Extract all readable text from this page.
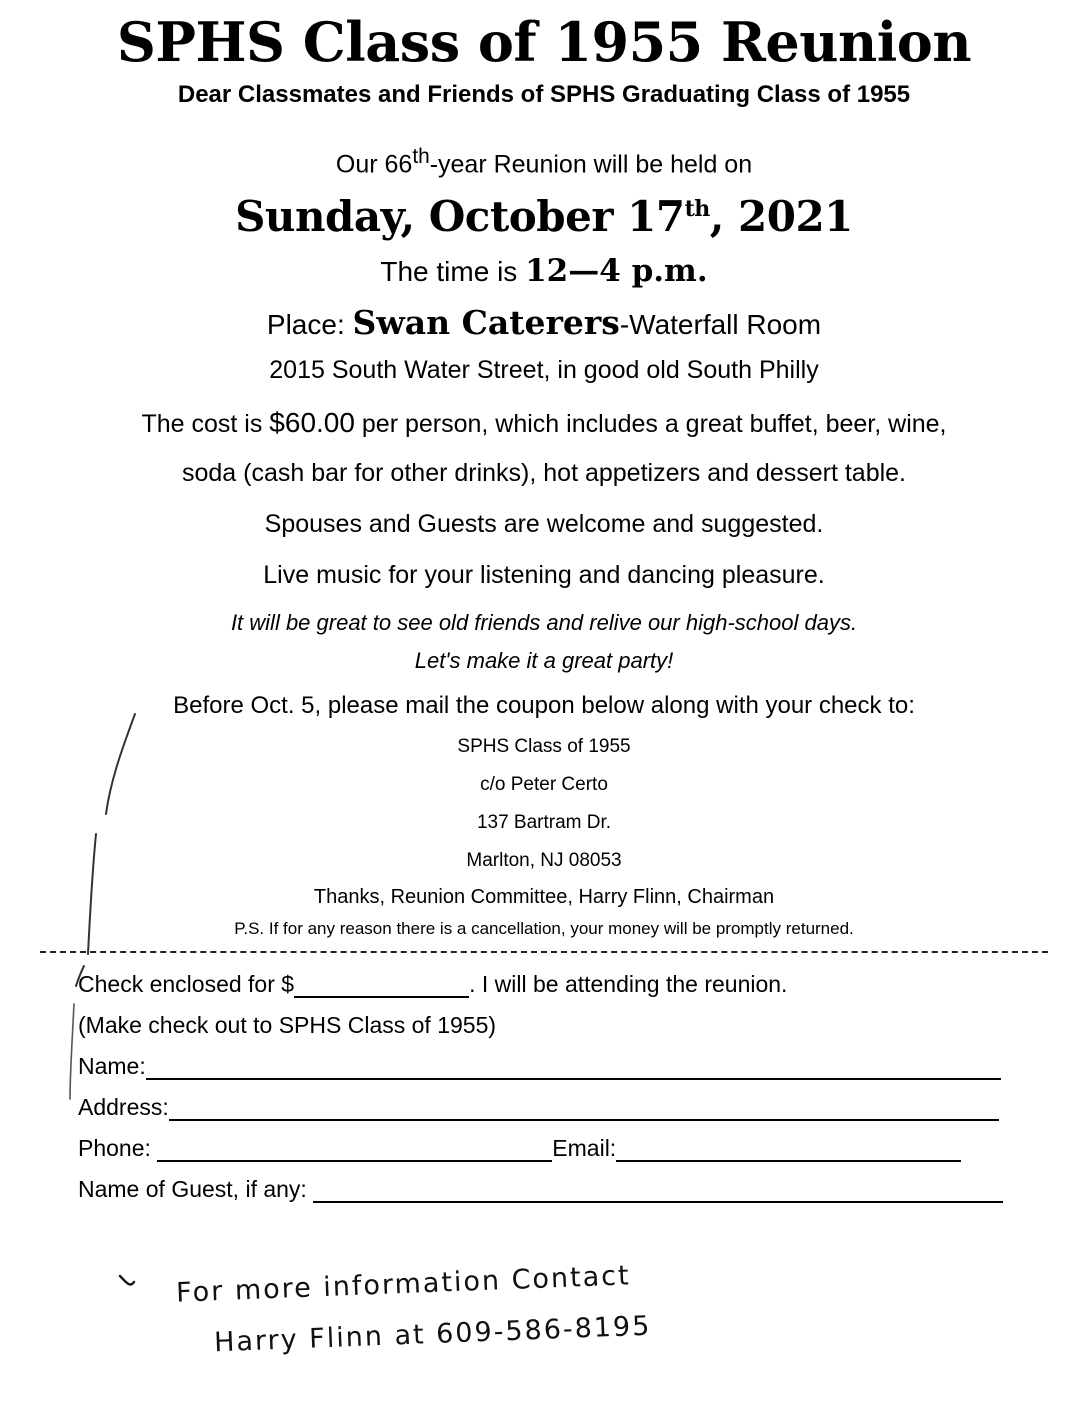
SPHS Class of 1955 Reunion
Dear Classmates and Friends of SPHS Graduating Class of 1955
Our 66th-year Reunion will be held on
Sunday, October 17th, 2021
The time is 12—4 p.m.
Place: Swan Caterers-Waterfall Room
2015 South Water Street, in good old South Philly
The cost is $60.00 per person, which includes a great buffet, beer, wine,
soda (cash bar for other drinks), hot appetizers and dessert table.
Spouses and Guests are welcome and suggested.
Live music for your listening and dancing pleasure.
It will be great to see old friends and relive our high-school days.
Let's make it a great party!
Before Oct. 5, please mail the coupon below along with your check to:
SPHS Class of 1955
c/o Peter Certo
137 Bartram Dr.
Marlton, NJ 08053
Thanks, Reunion Committee, Harry Flinn, Chairman
P.S. If for any reason there is a cancellation, your money will be promptly returned.
Check enclosed for $	. I will be attending the reunion.
(Make check out to SPHS Class of 1955)
Name:
Address:
Phone:	Email:
Name of Guest, if any:
For more information Contact
Harry Flinn at 609-586-8195
